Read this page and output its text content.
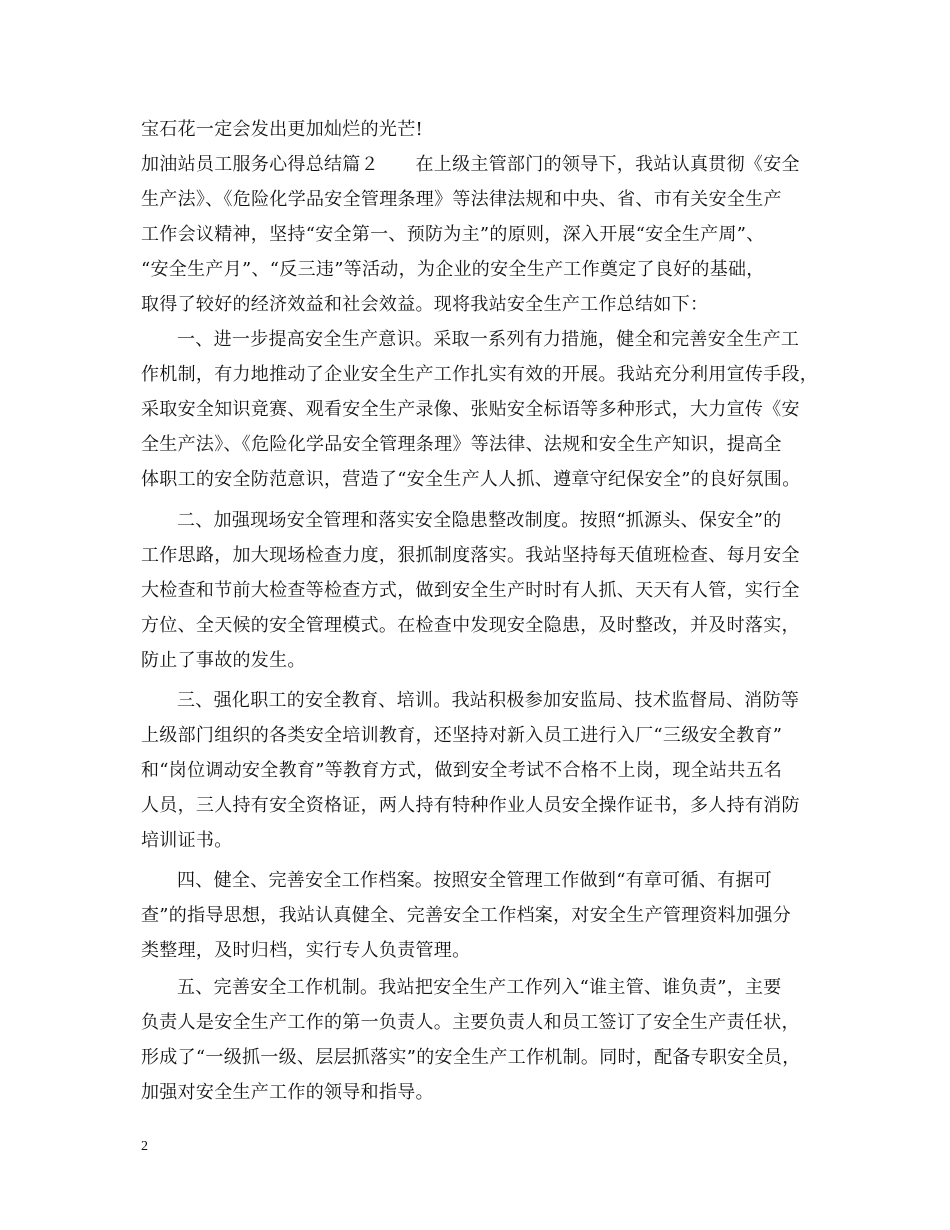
宝石花一定会发出更加灿烂的光芒!
加油站员工服务心得总结篇２　　在上级主管部门的领导下，我站认真贯彻《安全
生产法》、《危险化学品安全管理条理》等法律法规和中央、省、市有关安全生产
工作会议精神，坚持“安全第一、预防为主”的原则，深入开展“安全生产周”、
“安全生产月”、“反三违”等活动，为企业的安全生产工作奠定了良好的基础，
取得了较好的经济效益和社会效益。现将我站安全生产工作总结如下：
一、进一步提高安全生产意识。采取一系列有力措施，健全和完善安全生产工
作机制，有力地推动了企业安全生产工作扎实有效的开展。我站充分利用宣传手段，
采取安全知识竟赛、观看安全生产录像、张贴安全标语等多种形式，大力宣传《安
全生产法》、《危险化学品安全管理条理》等法律、法规和安全生产知识，提高全
体职工的安全防范意识，营造了“安全生产人人抓、遵章守纪保安全”的良好氛围。
二、加强现场安全管理和落实安全隐患整改制度。按照“抓源头、保安全”的
工作思路，加大现场检查力度，狠抓制度落实。我站坚持每天值班检查、每月安全
大检查和节前大检查等检查方式，做到安全生产时时有人抓、天天有人管，实行全
方位、全天候的安全管理模式。在检查中发现安全隐患，及时整改，并及时落实，
防止了事故的发生。
三、强化职工的安全教育、培训。我站积极参加安监局、技术监督局、消防等
上级部门组织的各类安全培训教育，还坚持对新入员工进行入厂“三级安全教育”
和“岗位调动安全教育”等教育方式，做到安全考试不合格不上岗，现全站共五名
人员，三人持有安全资格证，两人持有特种作业人员安全操作证书，多人持有消防
培训证书。
四、健全、完善安全工作档案。按照安全管理工作做到“有章可循、有据可
查”的指导思想，我站认真健全、完善安全工作档案，对安全生产管理资料加强分
类整理，及时归档，实行专人负责管理。
五、完善安全工作机制。我站把安全生产工作列入“谁主管、谁负责”，主要
负责人是安全生产工作的第一负责人。主要负责人和员工签订了安全生产责任状，
形成了“一级抓一级、层层抓落实”的安全生产工作机制。同时，配备专职安全员，
加强对安全生产工作的领导和指导。
2
